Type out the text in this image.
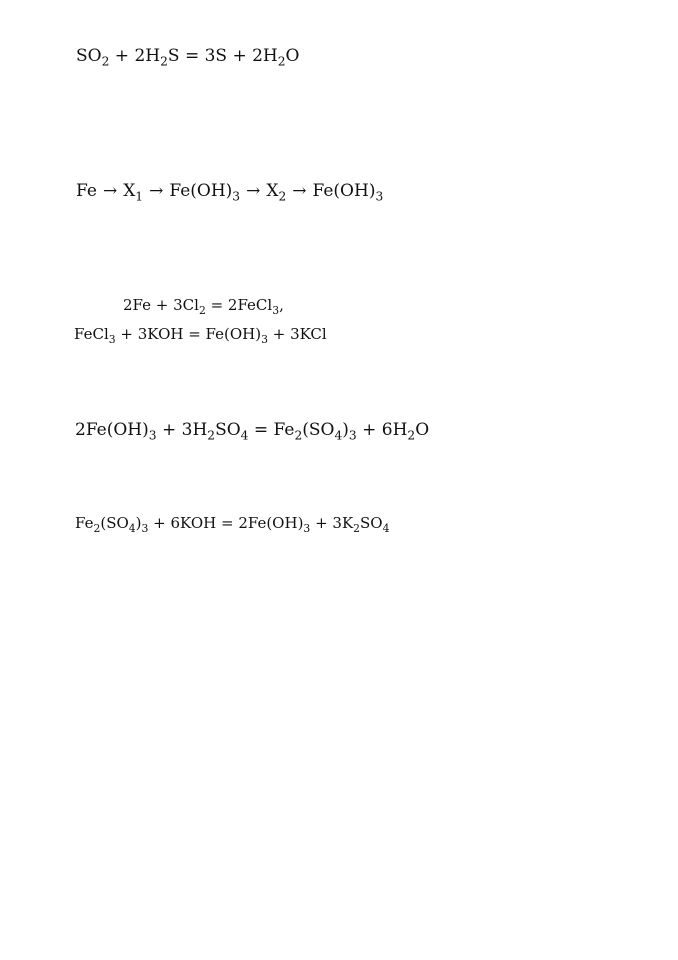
$SO_2 + 2H_2S = 3S + 2H_2O$
$Fe \to X_1 \to Fe(OH)_3 \to X_2 \to Fe(OH)_3$
$2Fe + 3Cl_2$ = 2FeCl$_3$,
FeCl$_3$ + $3KOH = Fe(OH)_3 + 3KCl$
$2Fe(OH)_3 + 3H_2SO_4 = Fe_2(SO_4)_3 + 6H_2O$
$Fe_2(SO_4)_3 + 6KOH = 2Fe(OH)_3 + 3K_2SO_4$
